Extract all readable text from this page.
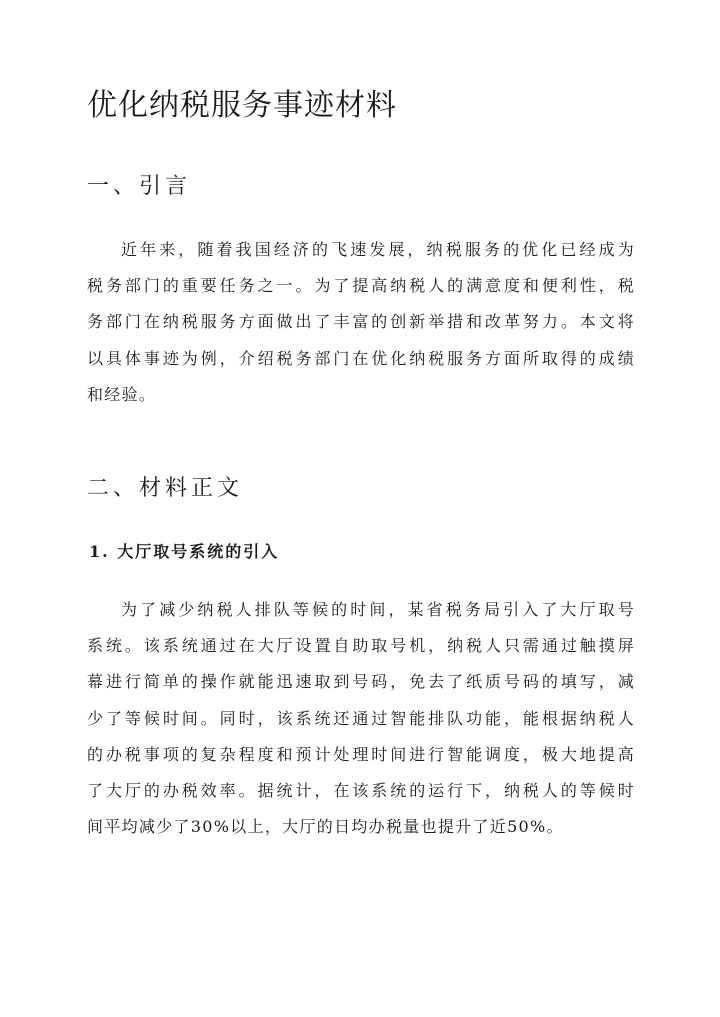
优化纳税服务事迹材料
一、引言
近年来，随着我国经济的飞速发展，纳税服务的优化已经成为
税务部门的重要任务之一。为了提高纳税人的满意度和便利性，税
务部门在纳税服务方面做出了丰富的创新举措和改革努力。本文将
以具体事迹为例，介绍税务部门在优化纳税服务方面所取得的成绩
和经验。
二、材料正文
1. 大厅取号系统的引入
为了减少纳税人排队等候的时间，某省税务局引入了大厅取号
系统。该系统通过在大厅设置自助取号机，纳税人只需通过触摸屏
幕进行简单的操作就能迅速取到号码，免去了纸质号码的填写，减
少了等候时间。同时，该系统还通过智能排队功能，能根据纳税人
的办税事项的复杂程度和预计处理时间进行智能调度，极大地提高
了大厅的办税效率。据统计，在该系统的运行下，纳税人的等候时
间平均减少了30%以上，大厅的日均办税量也提升了近50%。
